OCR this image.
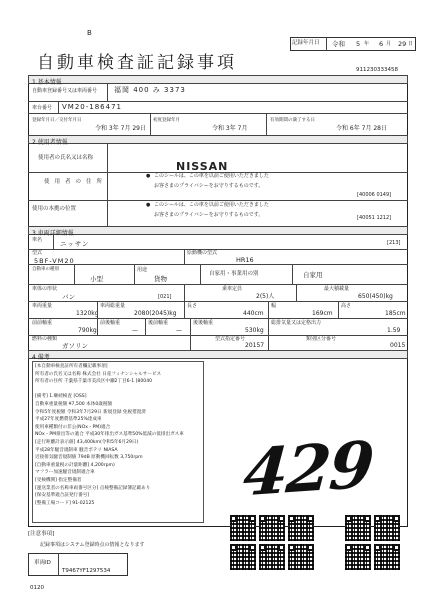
B
記録年月日 令和 5 年 6 月 29 日
自動車検査証記録事項	911230333458
1.基本情報
自動車登録番号又は車両番号 福岡 400 み 3373
車台番号 VM20-186471
登録年月日／交付年月日
令和 3年 7月 29日
初度登録年月
令和 3年 7月
有効期間の満了する日
令和 6年 7月 28日
2.使用者情報
使用者の氏名又は名称
使用者の住所
NISSAN
● このシールは、この車を以前ご使用いただきました
お客さまのプライバシーをお守りするものです。
[40006 0149]
使用の本拠の位置
● このシールは、この車を以前ご使用いただきました
お客さまのプライバシーをお守りするものです。	[40051 1212]
3.車両詳細情報
車名	ニッサン	[213]
型式
5BF-VM20
原動機の型式
HR16
自動車の種別
小型
用途
貨物
自家用・事業用の別	自家用
車体の形状
バン	[021]
乗車定員
2(5)人
最大積載量
650(450)kg
車両重量
1320kg
車両総重量
2080(2045)kg
長さ
440cm
幅
169cm
高さ
185cm
前前軸重
790kg
前後軸重
—
後前軸重
—
後後軸重
530kg
総排気量又は定格出力
1.59
燃料の種類
ガソリン
型式指定番号
20157
類別区分番号
0015
4.備考
[本自動車検査証所有者欄記載事項]
所有者の氏名又は名称 株式会社 日産フィナンシャルサービス
所有者の住所 千葉県千葉市美浜区中瀬2丁目6-1 [80040
[備考] 1.継続検査 [OSS]
自動車重量税額 ¥7,500 本体0歳税額
令和5年度税額 令和3年7月29日 新規登録 免税措置済
平成27年度燃費基準25%達成車
使用車種類付の非公(NOx・PM)適合
NOx・PM排出等の適合 平成30年排出ガス基準50%低減の低排出ガス車
[走行距離計表示値] 43,400km(令和5年6月29日)
平成28年騒音規制車 騒音ボテリ NIASA
近接排気騒音規制値 79dB 原動機回転数 3,750rpm
[自動車重量税の計量距離] 4,200rpm)
マフラー加速騒音規制適合車
[受検機関] 指定整備者
[運送業者の名称車両番号区分] 点検整備記録簿記載あり
[保安基準適合証発行番号]
[整備工場コード] 91-02125	429
[注意事項]
記録事項はシステム登録時点の情報となります
車両ID
T9467YF1297534
0120
